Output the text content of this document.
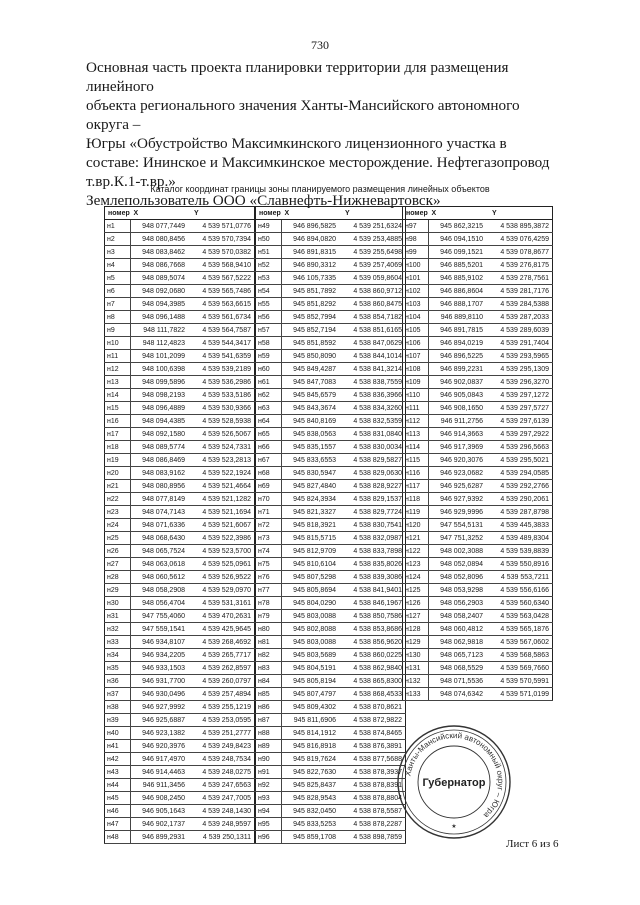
730

Основная часть проекта планировки территории для размещения линейного

объекта регионального значения Ханты-Мансийского автономного округа –

Югры «Обустройство Максимкинского лицензионного участка в

составе: Ининское и Максимкинское месторождение. Нефтегазопровод

т.вр.К.1-т.вр.»

Землепользователь ООО «Славнефть-Нижневартовск»

Каталог координат границы зоны планируемого размещения линейных объектов
номер	X	Y
н1	948 077,7449	4 539 571,0776
н2	948 080,8456	4 539 570,7394
н3	948 083,8462	4 539 570,0382
н4	948 086,7668	4 539 568,9410
н5	948 089,5074	4 539 567,5222
н6	948 092,0680	4 539 565,7486
н7	948 094,3985	4 539 563,6615
н8	948 096,1488	4 539 561,6734
н9	948 111,7822	4 539 564,7587
н10	948 112,4823	4 539 544,3417
н11	948 101,2099	4 539 541,6359
н12	948 100,6398	4 539 539,2189
н13	948 099,5896	4 539 536,2986
н14	948 098,2193	4 539 533,5186
н15	948 096,4889	4 539 530,9366
н16	948 094,4385	4 539 528,5938
н17	948 092,1580	4 539 526,5067
н18	948 089,5774	4 539 524,7331
н19	948 086,8469	4 539 523,2813
н20	948 083,9162	4 539 522,1924
н21	948 080,8956	4 539 521,4664
н22	948 077,8149	4 539 521,1282
н23	948 074,7143	4 539 521,1694
н24	948 071,6336	4 539 521,6067
н25	948 068,6430	4 539 522,3986
н26	948 065,7524	4 539 523,5700
н27	948 063,0618	4 539 525,0961
н28	948 060,5612	4 539 526,9522
н29	948 058,2908	4 539 529,0970
н30	948 056,4704	4 539 531,3161
н31	947 755,4060	4 539 470,2631
н32	947 559,1541	4 539 425,9645
н33	946 934,8107	4 539 268,4692
н34	946 934,2205	4 539 265,7717
н35	946 933,1503	4 539 262,8597
н36	946 931,7700	4 539 260,0797
н37	946 930,0496	4 539 257,4894
н38	946 927,9992	4 539 255,1219
н39	946 925,6887	4 539 253,0595
н40	946 923,1382	4 539 251,2777
н41	946 920,3976	4 539 249,8423
н42	946 917,4970	4 539 248,7534
н43	946 914,4463	4 539 248,0275
н44	946 911,3456	4 539 247,6563
н45	946 908,2450	4 539 247,7005
н46	946 905,1643	4 539 248,1430
н47	946 902,1737	4 539 248,9597
н48	946 899,2931	4 539 250,1311
номер	X	Y
н49	946 896,5825	4 539 251,6324
н50	946 894,0820	4 539 253,4885
н51	946 891,8315	4 539 255,6498
н52	946 890,3312	4 539 257,4069
н53	946 105,7335	4 539 059,8604
н54	945 851,7892	4 538 860,9712
н55	945 851,8292	4 538 860,8475
н56	945 852,7994	4 538 854,7182
н57	945 852,7194	4 538 851,6165
н58	945 851,8592	4 538 847,0629
н59	945 850,8090	4 538 844,1014
н60	945 849,4287	4 538 841,3214
н61	945 847,7083	4 538 838,7559
н62	945 845,6579	4 538 836,3966
н63	945 843,3674	4 538 834,3260
н64	945 840,8169	4 538 832,5359
н65	945 838,0563	4 538 831,0840
н66	945 835,1557	4 538 830,0034
н67	945 833,6553	4 538 829,5827
н68	945 830,5947	4 538 829,0630
н69	945 827,4840	4 538 828,9227
н70	945 824,3934	4 538 829,1537
н71	945 821,3327	4 538 829,7724
н72	945 818,3921	4 538 830,7541
н73	945 815,5715	4 538 832,0987
н74	945 812,9709	4 538 833,7898
н75	945 810,6104	4 538 835,8026
н76	945 807,5298	4 538 839,3086
н77	945 805,8694	4 538 841,9401
н78	945 804,0290	4 538 846,1967
н79	945 803,0088	4 538 850,7586
н80	945 802,8088	4 538 853,8686
н81	945 803,0088	4 538 856,9620
н82	945 803,5689	4 538 860,0225
н83	945 804,5191	4 538 862,9840
н84	945 805,8194	4 538 865,8300
н85	945 807,4797	4 538 868,4533
н86	945 809,4302	4 538 870,8621
н87	945 811,6906	4 538 872,9822
н88	945 814,1912	4 538 874,8465
н89	945 816,8918	4 538 876,3891
н90	945 819,7624	4 538 877,5688
н91	945 822,7630	4 538 878,3937
н92	945 825,8437	4 538 878,8391
н93	945 828,9543	4 538 878,8804
н94	945 832,0450	4 538 878,5587
н95	945 833,5253	4 538 878,2287
н96	945 859,1708	4 538 898,7859
номер	X	Y
н97	945 862,3215	4 538 895,3872
н98	946 094,1510	4 539 076,4259
н99	946 099,1521	4 539 078,8677
н100	946 885,5201	4 539 276,8175
н101	946 885,9102	4 539 278,7561
н102	946 886,8604	4 539 281,7176
н103	946 888,1707	4 539 284,5388
н104	946 889,8110	4 539 287,2033
н105	946 891,7815	4 539 289,6039
н106	946 894,0219	4 539 291,7404
н107	946 896,5225	4 539 293,5965
н108	946 899,2231	4 539 295,1309
н109	946 902,0837	4 539 296,3270
н110	946 905,0843	4 539 297,1272
н111	946 908,1650	4 539 297,5727
н112	946 911,2756	4 539 297,6139
н113	946 914,3663	4 539 297,2922
н114	946 917,3969	4 539 296,5663
н115	946 920,3076	4 539 295,5021
н116	946 923,0682	4 539 294,0585
н117	946 925,6287	4 539 292,2766
н118	946 927,9392	4 539 290,2061
н119	946 929,9996	4 539 287,8798
н120	947 554,5131	4 539 445,3833
н121	947 751,3252	4 539 489,8304
н122	948 002,3088	4 539 539,8839
н123	948 052,0894	4 539 550,8916
н124	948 052,8096	4 539 553,7211
н125	948 053,9298	4 539 556,6166
н126	948 056,2903	4 539 560,6340
н127	948 058,2407	4 539 563,0428
н128	948 060,4812	4 539 565,1876
н129	948 062,9818	4 539 567,0602
н130	948 065,7123	4 539 568,5863
н131	948 068,5529	4 539 569,7660
н132	948 071,5536	4 539 570,5991
н133	948 074,6342	4 539 571,0199
Ханты-Мансийский автономный округ – Югра
Губернатор
★
Лист 6 из 6
